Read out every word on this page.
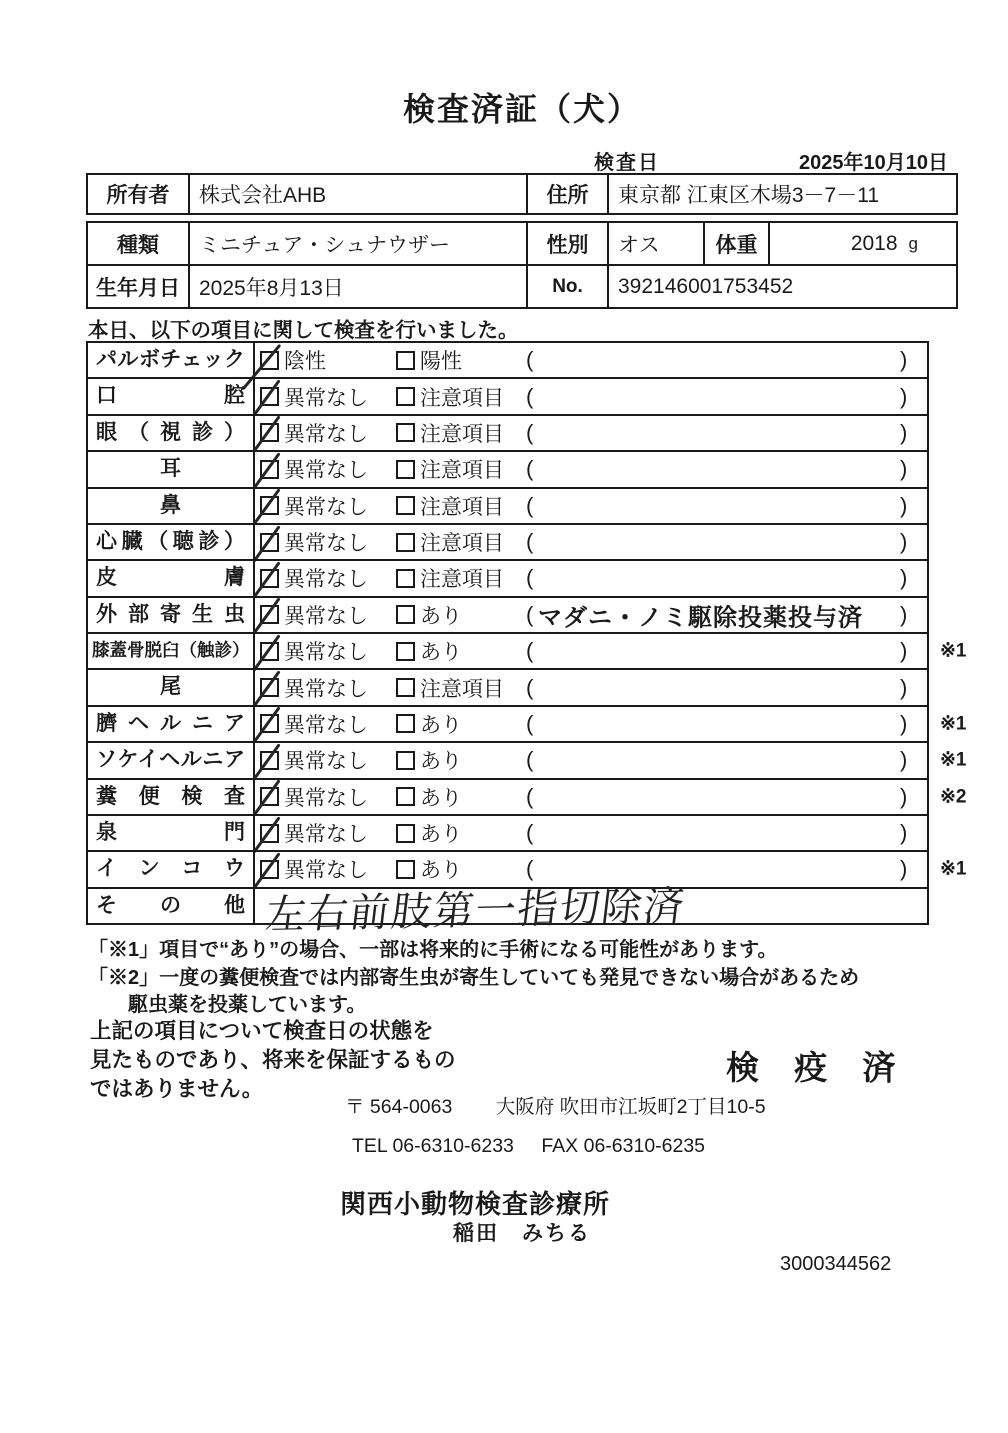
検査済証（犬）
検査日	2025年10月10日
所有者	株式会社AHB	住所	東京都 江東区木場3－7－11
種類	ミニチュア・シュナウザー	性別	オス	体重	2018 g
生年月日 2025年8月13日	No.	392146001753452
本日、以下の項目に関して検査を行いました。
パルボチェック	陰性	陽性	(	)
口腔	異常なし 注意項目 (	)
眼（視診）	異常なし 注意項目 (	)
耳	異常なし 注意項目 (	)
鼻	異常なし 注意項目 (	)
心臓（聴診）	異常なし 注意項目 (	)
皮膚	異常なし 注意項目 (	)
外部寄生虫	異常なし あり	( マダニ・ノミ駆除投薬投与済 )
膝蓋骨脱臼（触診） 異常なし あり	(	) ※1
尾	異常なし 注意項目 (	)
臍ヘルニア	異常なし あり	(	) ※1
ソケイヘルニア	異常なし あり	(	) ※1
糞便検査	異常なし あり	(	) ※2
泉門	異常なし あり	(	)
インコウ	異常なし あり	(	) ※1
その他 左右前肢第一指切除済
「※1」項目で“あり”の場合、一部は将来的に手術になる可能性があります。
「※2」一度の糞便検査では内部寄生虫が寄生していても発見できない場合があるため
駆虫薬を投薬しています。
上記の項目について検査日の状態を
見たものであり、将来を保証するもの
ではありません。
検 疫 済
〒 564-0063 大阪府 吹田市江坂町2丁目10-5
TEL 06-6310-6233 FAX 06-6310-6235
関西小動物検査診療所
稲田　みちる
3000344562
